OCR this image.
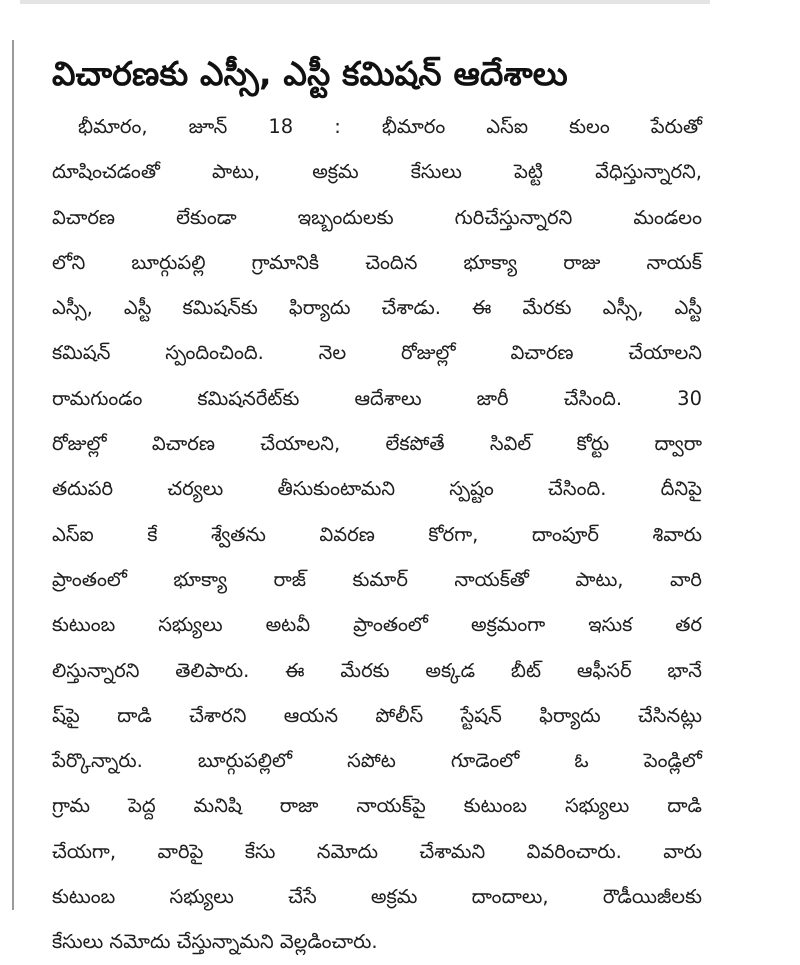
విచారణకు ఎస్సీ, ఎస్టీ కమిషన్ ఆదేశాలు
భీమారం, జూన్ 18 : భీమారం ఎస్ఐ కులం పేరుతో
దూషించడంతో పాటు, అక్రమ కేసులు పెట్టి వేధిస్తున్నారని,
విచారణ లేకుండా ఇబ్బందులకు గురిచేస్తున్నారని మండలం
లోని బూర్గుపల్లి గ్రామానికి చెందిన భూక్యా రాజు నాయక్
ఎస్సీ, ఎస్టీ కమిషన్‌కు ఫిర్యాదు చేశాడు. ఈ మేరకు ఎస్సీ, ఎస్టీ
కమిషన్ స్పందించింది. నెల రోజుల్లో విచారణ చేయాలని
రామగుండం కమిషనరేట్‌కు ఆదేశాలు జారీ చేసింది. 30
రోజుల్లో విచారణ చేయాలని, లేకపోతే సివిల్ కోర్టు ద్వారా
తదుపరి చర్యలు తీసుకుంటామని స్పష్టం చేసింది. దీనిపై
ఎస్ఐ కే శ్వేతను వివరణ కోరగా, దాంపూర్ శివారు
ప్రాంతంలో భూక్యా రాజ్ కుమార్ నాయక్‌తో పాటు, వారి
కుటుంబ సభ్యులు అటవీ ప్రాంతంలో అక్రమంగా ఇసుక తర
లిస్తున్నారని తెలిపారు. ఈ మేరకు అక్కడ బీట్ ఆఫీసర్ భానే
ష్‌పై దాడి చేశారని ఆయన పోలీస్ స్టేషన్ ఫిర్యాదు చేసినట్లు
పేర్కొన్నారు. బూర్గుపల్లిలో సపోట గూడెంలో ఓ పెండ్లిలో
గ్రామ పెద్ద మనిషి రాజా నాయక్‌పై కుటుంబ సభ్యులు దాడి
చేయగా, వారిపై కేసు నమోదు చేశామని వివరించారు. వారు
కుటుంబ సభ్యులు చేసే అక్రమ దాందాలు, రౌడీయిజీలకు
కేసులు నమోదు చేస్తున్నామని వెల్లడించారు.
